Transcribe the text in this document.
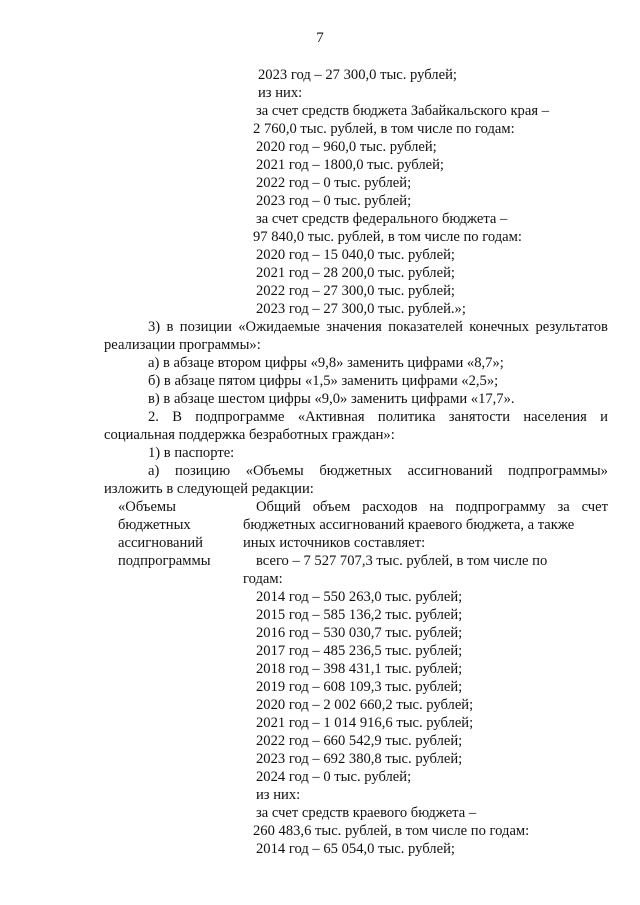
7
2023 год – 27 300,0 тыс. рублей;
из них:
за счет средств бюджета Забайкальского края –
2 760,0 тыс. рублей, в том числе по годам:
2020 год – 960,0 тыс. рублей;
2021 год – 1800,0 тыс. рублей;
2022 год – 0 тыс. рублей;
2023 год – 0 тыс. рублей;
за счет средств федерального бюджета –
97 840,0 тыс. рублей, в том числе по годам:
2020 год – 15 040,0 тыс. рублей;
2021 год – 28 200,0 тыс. рублей;
2022 год – 27 300,0 тыс. рублей;
2023 год – 27 300,0 тыс. рублей.»;
3) в позиции «Ожидаемые значения показателей конечных результатов
реализации программы»:
а) в абзаце втором цифры «9,8» заменить цифрами «8,7»;
б) в абзаце пятом цифры «1,5» заменить цифрами «2,5»;
в) в абзаце шестом цифры «9,0» заменить цифрами «17,7».
2. В подпрограмме «Активная политика занятости населения и
социальная поддержка безработных граждан»:
1) в паспорте:
а) позицию «Объемы бюджетных ассигнований подпрограммы»
изложить в следующей редакции:
«Объемы
бюджетных
ассигнований
подпрограммы
Общий объем расходов на подпрограмму за счет
бюджетных ассигнований краевого бюджета, а также
иных источников составляет:
всего – 7 527 707,3 тыс. рублей, в том числе по
годам:
2014 год – 550 263,0 тыс. рублей;
2015 год – 585 136,2 тыс. рублей;
2016 год – 530 030,7 тыс. рублей;
2017 год – 485 236,5 тыс. рублей;
2018 год – 398 431,1 тыс. рублей;
2019 год – 608 109,3 тыс. рублей;
2020 год – 2 002 660,2 тыс. рублей;
2021 год – 1 014 916,6 тыс. рублей;
2022 год – 660 542,9 тыс. рублей;
2023 год – 692 380,8 тыс. рублей;
2024 год – 0 тыс. рублей;
из них:
за счет средств краевого бюджета –
260 483,6 тыс. рублей, в том числе по годам:
2014 год – 65 054,0 тыс. рублей;
